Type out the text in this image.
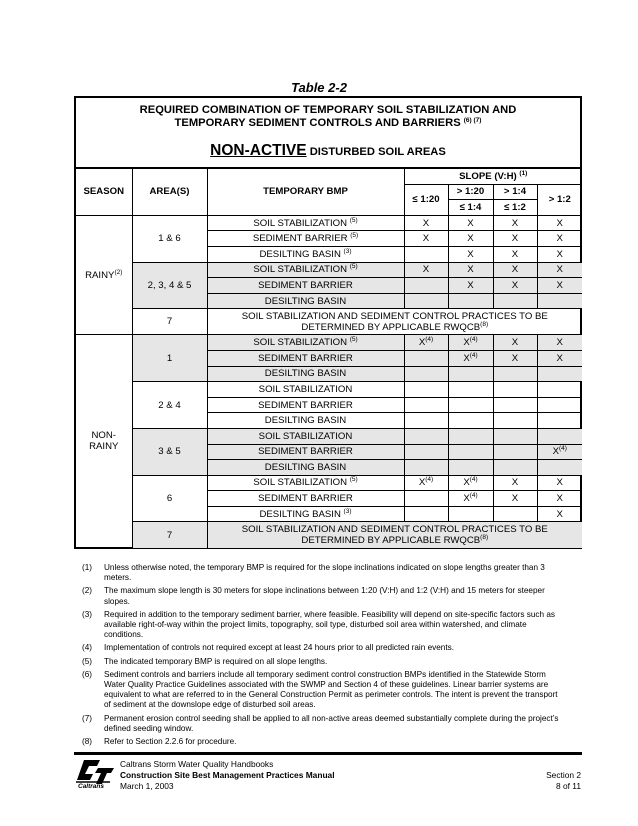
Table 2-2
REQUIRED COMBINATION OF TEMPORARY SOIL STABILIZATION AND
TEMPORARY SEDIMENT CONTROLS AND BARRIERS $^{(6) (7)}$
NON-ACTIVE DISTURBED SOIL AREAS
SEASON	AREA(S)	TEMPORARY BMP	SLOPE (V:H) $^{(1)}$
			≤ 1:20	> 1:20	> 1:4	> 1:2
				≤ 1:4	≤ 1:2	
RAINY$^{(2)}$	1 & 6	SOIL STABILIZATION $^{(5)}$	X	X	X	X
		SEDIMENT BARRIER $^{(5)}$	X	X	X	X
		DESILTING BASIN $^{(3)}$		X	X	X
	2, 3, 4 & 5	SOIL STABILIZATION $^{(5)}$	X	X	X	X
		SEDIMENT BARRIER		X	X	X
		DESILTING BASIN				
	7	SOIL STABILIZATION AND SEDIMENT CONTROL PRACTICES TO BE
DETERMINED BY APPLICABLE RWQCB$^{(8)}$
NON-
RAINY	1	SOIL STABILIZATION $^{(5)}$	$X^{(4)}$	$X^{(4)}$	X	X
		SEDIMENT BARRIER		$X^{(4)}$	X	X
		DESILTING BASIN				
	2 & 4	SOIL STABILIZATION				
		SEDIMENT BARRIER				
		DESILTING BASIN				
	3 & 5	SOIL STABILIZATION				
		SEDIMENT BARRIER				$X^{(4)}$
		DESILTING BASIN				
	6	SOIL STABILIZATION $^{(5)}$	$X^{(4)}$	$X^{(4)}$	X	X
		SEDIMENT BARRIER		$X^{(4)}$	X	X
		DESILTING BASIN $^{(3)}$				X
	7	SOIL STABILIZATION AND SEDIMENT CONTROL PRACTICES TO BE
DETERMINED BY APPLICABLE RWQCB$^{(8)}$
(1) Unless otherwise noted, the temporary BMP is required for the slope inclinations indicated on slope lengths greater than 3 meters.
(2) The maximum slope length is 30 meters for slope inclinations between 1:20 (V:H) and 1:2 (V:H) and 15 meters for steeper slopes.
(3) Required in addition to the temporary sediment barrier, where feasible. Feasibility will depend on site-specific factors such as available right-of-way within the project limits, topography, soil type, disturbed soil area within watershed, and climate conditions.
(4) Implementation of controls not required except at least 24 hours prior to all predicted rain events.
(5) The indicated temporary BMP is required on all slope lengths.
(6) Sediment controls and barriers include all temporary sediment control construction BMPs identified in the Statewide Storm Water Quality Practice Guidelines associated with the SWMP and Section 4 of these guidelines. Linear barrier systems are equivalent to what are referred to in the General Construction Permit as perimeter controls. The intent is prevent the transport of sediment at the downslope edge of disturbed soil areas.
(7) Permanent erosion control seeding shall be applied to all non-active areas deemed substantially complete during the project’s defined seeding window.
(8) Refer to Section 2.2.6 for procedure.
Caltrans
Caltrans Storm Water Quality Handbooks
Construction Site Best Management Practices Manual
March 1, 2003
Section 2
8 of 11
